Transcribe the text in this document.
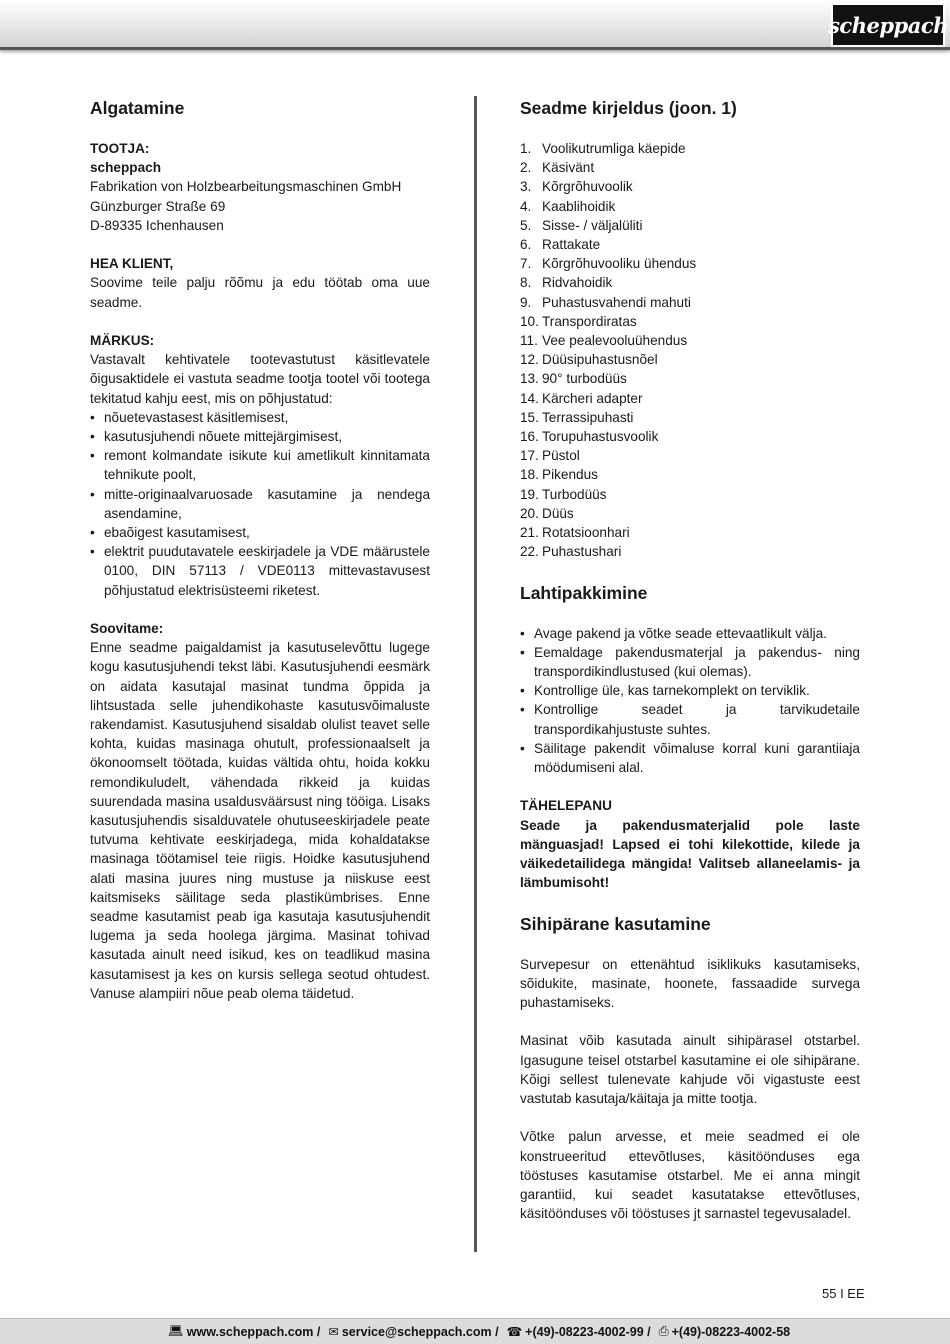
scheppach
Algatamine

TOOTJA:

scheppach

Fabrikation von Holzbearbeitungsmaschinen GmbH

Günzburger Straße 69

D-89335 Ichenhausen

HEA KLIENT,

Soovime teile palju rõõmu ja edu töötab oma uue seadme.

MÄRKUS:

Vastavalt kehtivatele tootevastutust käsitlevatele õigusaktidele ei vastuta seadme tootja tootel või tootega tekitatud kahju eest, mis on põhjustatud:

• nõuetevastasest käsitlemisest,
• kasutusjuhendi nõuete mittejärgimisest,
• remont kolmandate isikute kui ametlikult kinnitamata tehnikute poolt,
• mitte-originaalvaruosade kasutamine ja nendega asendamine,
• ebaõigest kasutamisest,
• elektrit puudutavatele eeskirjadele ja VDE määrustele 0100, DIN 57113 / VDE0113 mittevastavusest põhjustatud elektrisüsteemi riketest.

Soovitame:

Enne seadme paigaldamist ja kasutuselevõttu lugege kogu kasutusjuhendi tekst läbi. Kasutusjuhendi eesmärk on aidata kasutajal masinat tundma õppida ja lihtsustada selle juhendikohaste kasutusvõimaluste rakendamist. Kasutusjuhend sisaldab olulist teavet selle kohta, kuidas masinaga ohutult, professionaalselt ja ökonoomselt töötada, kuidas vältida ohtu, hoida kokku remondikuludelt, vähendada rikkeid ja kuidas suurendada masina usaldusväärsust ning tööiga. Lisaks kasutusjuhendis sisalduvatele ohutuseeskirjadele peate tutvuma kehtivate eeskirjadega, mida kohaldatakse masinaga töötamisel teie riigis. Hoidke kasutusjuhend alati masina juures ning mustuse ja niiskuse eest kaitsmiseks säilitage seda plastikümbrises. Enne seadme kasutamist peab iga kasutaja kasutusjuhendit lugema ja seda hoolega järgima. Masinat tohivad kasutada ainult need isikud, kes on teadlikud masina kasutamisest ja kes on kursis sellega seotud ohtudest. Vanuse alampiiri nõue peab olema täidetud.

Seadme kirjeldus (joon. 1)
1. Voolikutrumliga käepide
2. Käsivänt
3. Kõrgrõhuvoolik
4. Kaablihoidik
5. Sisse- / väljalüliti
6. Rattakate
7. Kõrgrõhuvooliku ühendus
8. Ridvahoidik
9. Puhastusvahendi mahuti
10. Transpordiratas
11. Vee pealevooluühendus
12. Düüsipuhastusnõel
13. 90° turbodüüs
14. Kärcheri adapter
15. Terrassipuhasti
16. Torupuhastusvoolik
17. Püstol
18. Pikendus
19. Turbodüüs
20. Düüs
21. Rotatsioonhari
22. Puhastushari
Lahtipakkimine
• Avage pakend ja võtke seade ettevaatlikult välja.
• Eemaldage pakendusmaterjal ja pakendus- ning transpordikindlustused (kui olemas).
• Kontrollige üle, kas tarnekomplekt on terviklik.
• Kontrollige seadet ja tarvikudetaile transpordikahjustuste suhtes.
• Säilitage pakendit võimaluse korral kuni garantiiaja möödumiseni alal.

TÄHELEPANU

Seade ja pakendusmaterjalid pole laste mänguasjad! Lapsed ei tohi kilekottide, kilede ja väikedetailidega mängida! Valitseb allaneelamis- ja lämbumisoht!

Sihipärane kasutamine

Survepesur on ettenähtud isiklikuks kasutamiseks, sõidukite, masinate, hoonete, fassaadide survega puhastamiseks.

Masinat võib kasutada ainult sihipärasel otstarbel. Igasugune teisel otstarbel kasutamine ei ole sihipärane. Kõigi sellest tulenevate kahjude või vigastuste eest vastutab kasutaja/käitaja ja mitte tootja.

Võtke palun arvesse, et meie seadmed ei ole konstrueeritud ettevõtluses, käsitöönduses ega tööstuses kasutamise otstarbel. Me ei anna mingit garantiid, kui seadet kasutatakse ettevõtluses, käsitöönduses või tööstuses jt sarnastel tegevusaladel.

55 I EE
💻︎ www.scheppach.com / ✉ service@scheppach.com / ☎ +(49)-08223-4002-99 / ⎙ +(49)-08223-4002-58
